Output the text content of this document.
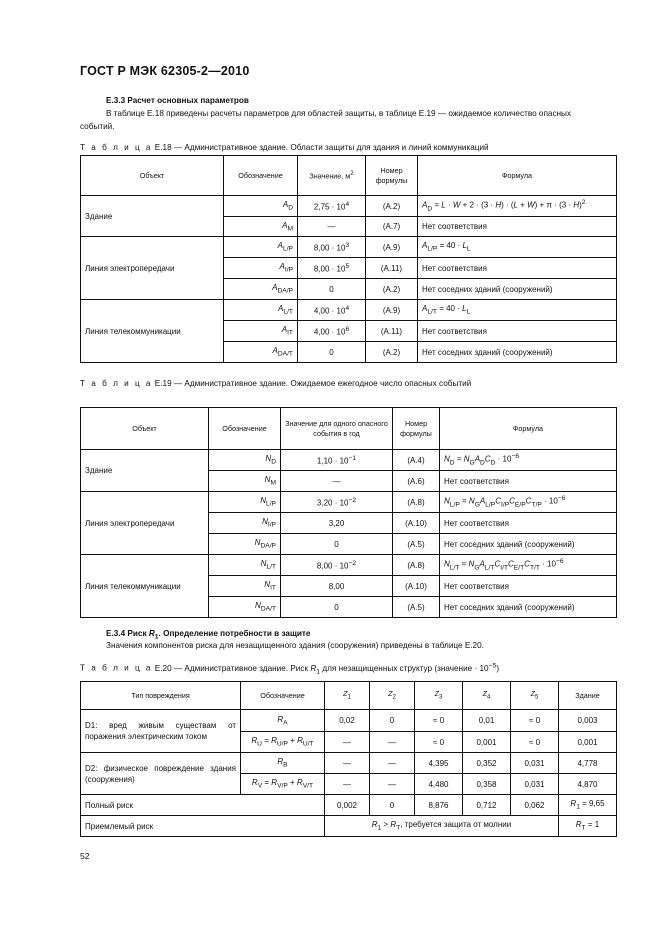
ГОСТ Р МЭК 62305-2—2010
Е.3.3 Расчет основных параметров
В таблице Е.18 приведены расчеты параметров для областей защиты, в таблице Е.19 — ожидаемое количество опасных событий.
Т а б л и ц а Е.18 — Административное здание. Области защиты для здания и линий коммуникаций
Объект	Обозначение	Значение, $м^2$	Номер формулы	Формула
Здание	$A_D$	$2,75 \cdot 10^4$	(A.2)	$A_D = L \cdot W + 2 \cdot (3 \cdot H) \cdot (L + W) + \pi \cdot (3 \cdot H)^2$
	$A_M$	—	(A.7)	Нет соответствия
Линия электропередачи	$A_{L/P}$	$8,00 \cdot 10^3$	(A.9)	$A_{L/P} = 40 \cdot L_L$
	$A_{I/P}$	$8,00 \cdot 10^5$	(A.11)	Нет соответствия
	$A_{DA/P}$	0	(A.2)	Нет соседних зданий (сооружений)
Линия телекоммуникации	$A_{L/T}$	$4,00 \cdot 10^4$	(A.9)	$A_{L/T} = 40 \cdot L_L$
	$A_{IT}$	$4,00 \cdot 10^6$	(A.11)	Нет соответствия
	$A_{DA/T}$	0	(A.2)	Нет соседних зданий (сооружений)
Т а б л и ц а Е.19 — Административное здание. Ожидаемое ежегодное число опасных событий
Объект	Обозначение	Значение для одного опасного события в год	Номер формулы	Формула
Здание	$N_D$	$1,10 \cdot 10^{-1}$	(A.4)	$N_D = N_GA_DC_D \cdot 10^{-6}$
	$N_M$	—	(A.6)	Нет соответствия
Линия электропередачи	$N_{L/P}$	$3,20 \cdot 10^{-2}$	(A.8)	$N_{L/P} = N_GA_{L/P}C_{I/P}C_{E/P}C_{T/P} \cdot 10^{-6}$
	$N_{I/P}$	3,20	(A.10)	Нет соответствия
	$N_{DA/P}$	0	(A.5)	Нет соседних зданий (сооружений)
Линия телекоммуникации	$N_{L/T}$	$8,00 \cdot 10^{-2}$	(A.8)	$N_{L/T} = N_GA_{L/T}C_{I/T}C_{E/T}C_{T/T} \cdot 10^{-6}$
	$N_{IT}$	8,00	(A.10)	Нет соответствия
	$N_{DA/T}$	0	(A.5)	Нет соседних зданий (сооружений)
Е.3.4 Риск $R_1$. Определение потребности в защите
Значения компонентов риска для незащищенного здания (сооружения) приведены в таблице Е.20.
Т а б л и ц а Е.20 — Административное здание. Риск $R_1$ для незащищенных структур (значение · $10^{-5}$)
Тип повреждения	Обозначение	$Z_1$	$Z_2$	$Z_3$	$Z_4$	$Z_5$	Здание
D1: вред живым существам от поражения электрическим током	$R_A$	0,02	0	≈ 0	0,01	≈ 0	0,003
	$R_U = R_{U/P} + R_{U/T}$	—	—	≈ 0	0,001	≈ 0	0,001
D2: физическое повреждение здания (сооружения)	$R_B$	—	—	4,395	0,352	0,031	4,778
	$R_V = R_{V/P} + R_{V/T}$	—	—	4,480	0,358	0,031	4,870
Полный риск		0,002	0	8,876	0,712	0,062	$R_1 = 9,65$
Приемлемый риск		$R_1 > R_T$, требуется защита от молнии					$R_T = 1$
52
